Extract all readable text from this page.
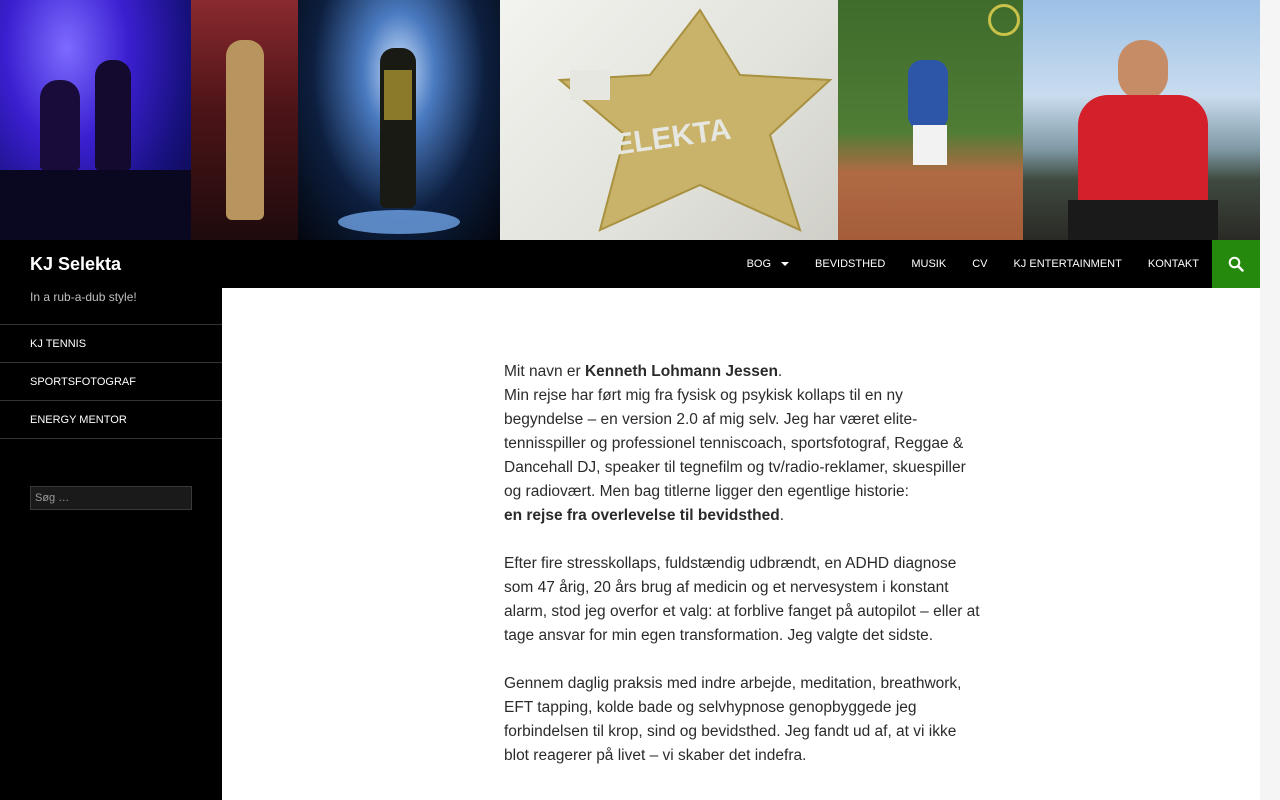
SELEKTA
KJ Selekta	BOG	BEVIDSTHED MUSIK CV KJ ENTERTAINMENT KONTAKT
In a rub-a-dub style!
KJ TENNIS
SPORTSFOTOGRAF
ENERGY MENTOR
Søg …

Mit navn er Kenneth Lohmann Jessen.
Min rejse har ført mig fra fysisk og psykisk kollaps til en ny begyndelse – en version 2.0 af mig selv. Jeg har været elite-tennisspiller og professionel tenniscoach, sportsfotograf, Reggae & Dancehall DJ, speaker til tegnefilm og tv/radio-reklamer, skuespiller og radiovært. Men bag titlerne ligger den egentlige historie:
en rejse fra overlevelse til bevidsthed.

Efter fire stresskollaps, fuldstændig udbrændt, en ADHD diagnose som 47 årig, 20 års brug af medicin og et nervesystem i konstant alarm, stod jeg overfor et valg: at forblive fanget på autopilot – eller at tage ansvar for min egen transformation. Jeg valgte det sidste.

Gennem daglig praksis med indre arbejde, meditation, breathwork, EFT tapping, kolde bade og selvhypnose genopbyggede jeg forbindelsen til krop, sind og bevidsthed. Jeg fandt ud af, at vi ikke blot reagerer på livet – vi skaber det indefra.
